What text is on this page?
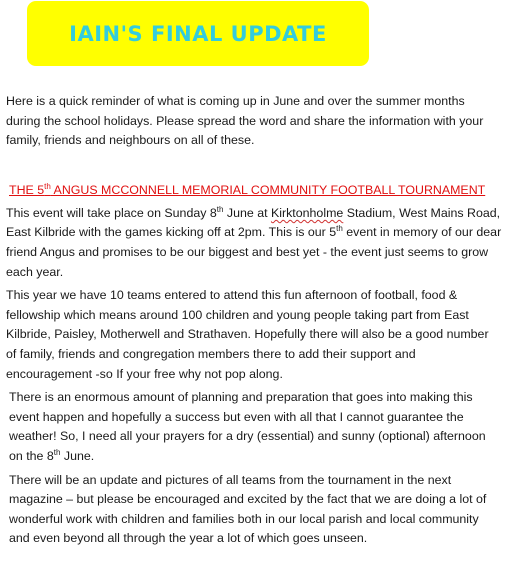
IAIN'S FINAL UPDATE

Here is a quick reminder of what is coming up in June and over the summer months during the school holidays. Please spread the word and share the information with your family, friends and neighbours on all of these.

THE 5th ANGUS MCCONNELL MEMORIAL COMMUNITY FOOTBALL TOURNAMENT

This event will take place on Sunday 8th June at Kirktonholme Stadium, West Mains Road, East Kilbride with the games kicking off at 2pm. This is our 5th event in memory of our dear friend Angus and promises to be our biggest and best yet - the event just seems to grow each year.

This year we have 10 teams entered to attend this fun afternoon of football, food & fellowship which means around 100 children and young people taking part from East Kilbride, Paisley, Motherwell and Strathaven. Hopefully there will also be a good number of family, friends and congregation members there to add their support and encouragement -so If your free why not pop along.

There is an enormous amount of planning and preparation that goes into making this event happen and hopefully a success but even with all that I cannot guarantee the weather! So, I need all your prayers for a dry (essential) and sunny (optional) afternoon on the 8th June.

There will be an update and pictures of all teams from the tournament in the next magazine – but please be encouraged and excited by the fact that we are doing a lot of wonderful work with children and families both in our local parish and local community and even beyond all through the year a lot of which goes unseen.
